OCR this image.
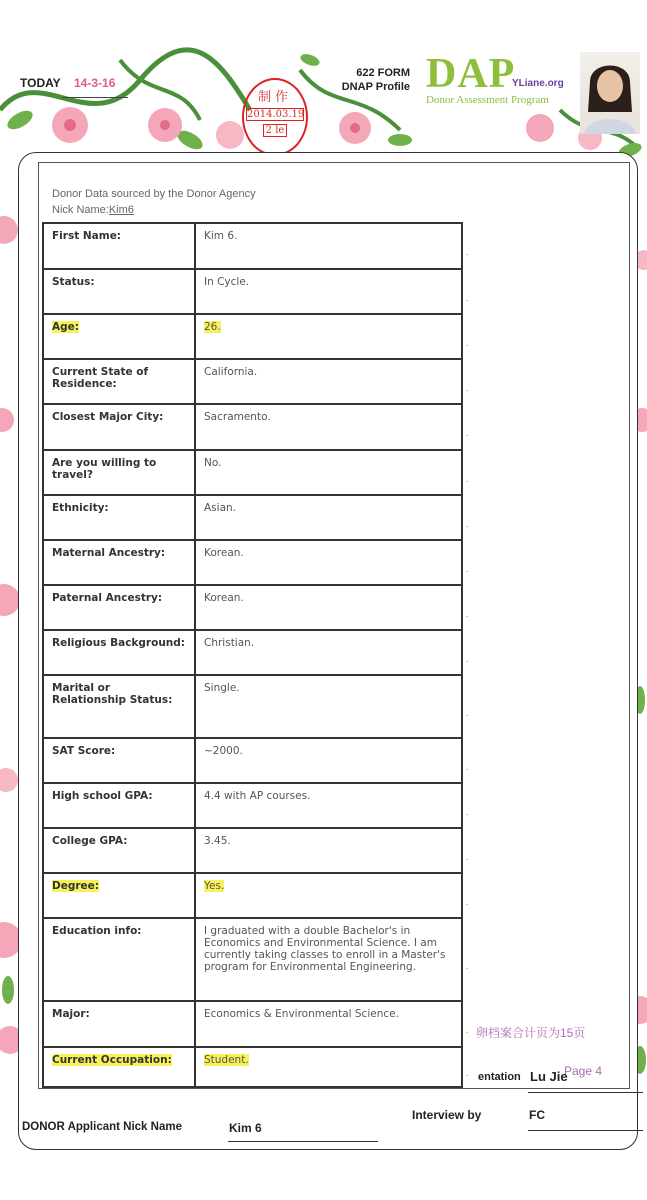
TODAY 14-3-16
制作
2014.03.19
2 le
622 FORM
DNAP Profile DAP
YLiane.org
Donor Assessment Program
Donor Data sourced by the Donor Agency
Nick Name:Kim6
First Name:	Kim 6.
Status:	In Cycle.
Age:	26.
Current State of Residence:	California.
Closest Major City:	Sacramento.
Are you willing to travel?	No.
Ethnicity:	Asian.
Maternal Ancestry:	Korean.
Paternal Ancestry:	Korean.
Religious Background:	Christian.
Marital or Relationship Status:	Single.
SAT Score:	~2000.
High school GPA:	4.4 with AP courses.
College GPA:	3.45.
Degree:	Yes.
Education info:	I graduated with a double Bachelor's in Economics and Environmental Science. I am currently taking classes to enroll in a Master's program for Environmental Engineering.
Major:	Economics & Environmental Science.
Current Occupation:	Student.
.
.
.
.
.
.
.
.
.
.
.
.
.
.
.
.
.
.
卵档案合计页为15页
Page 4
entation Lu Jie
DONOR Applicant Nick Name	Kim 6
Interview by	FC
